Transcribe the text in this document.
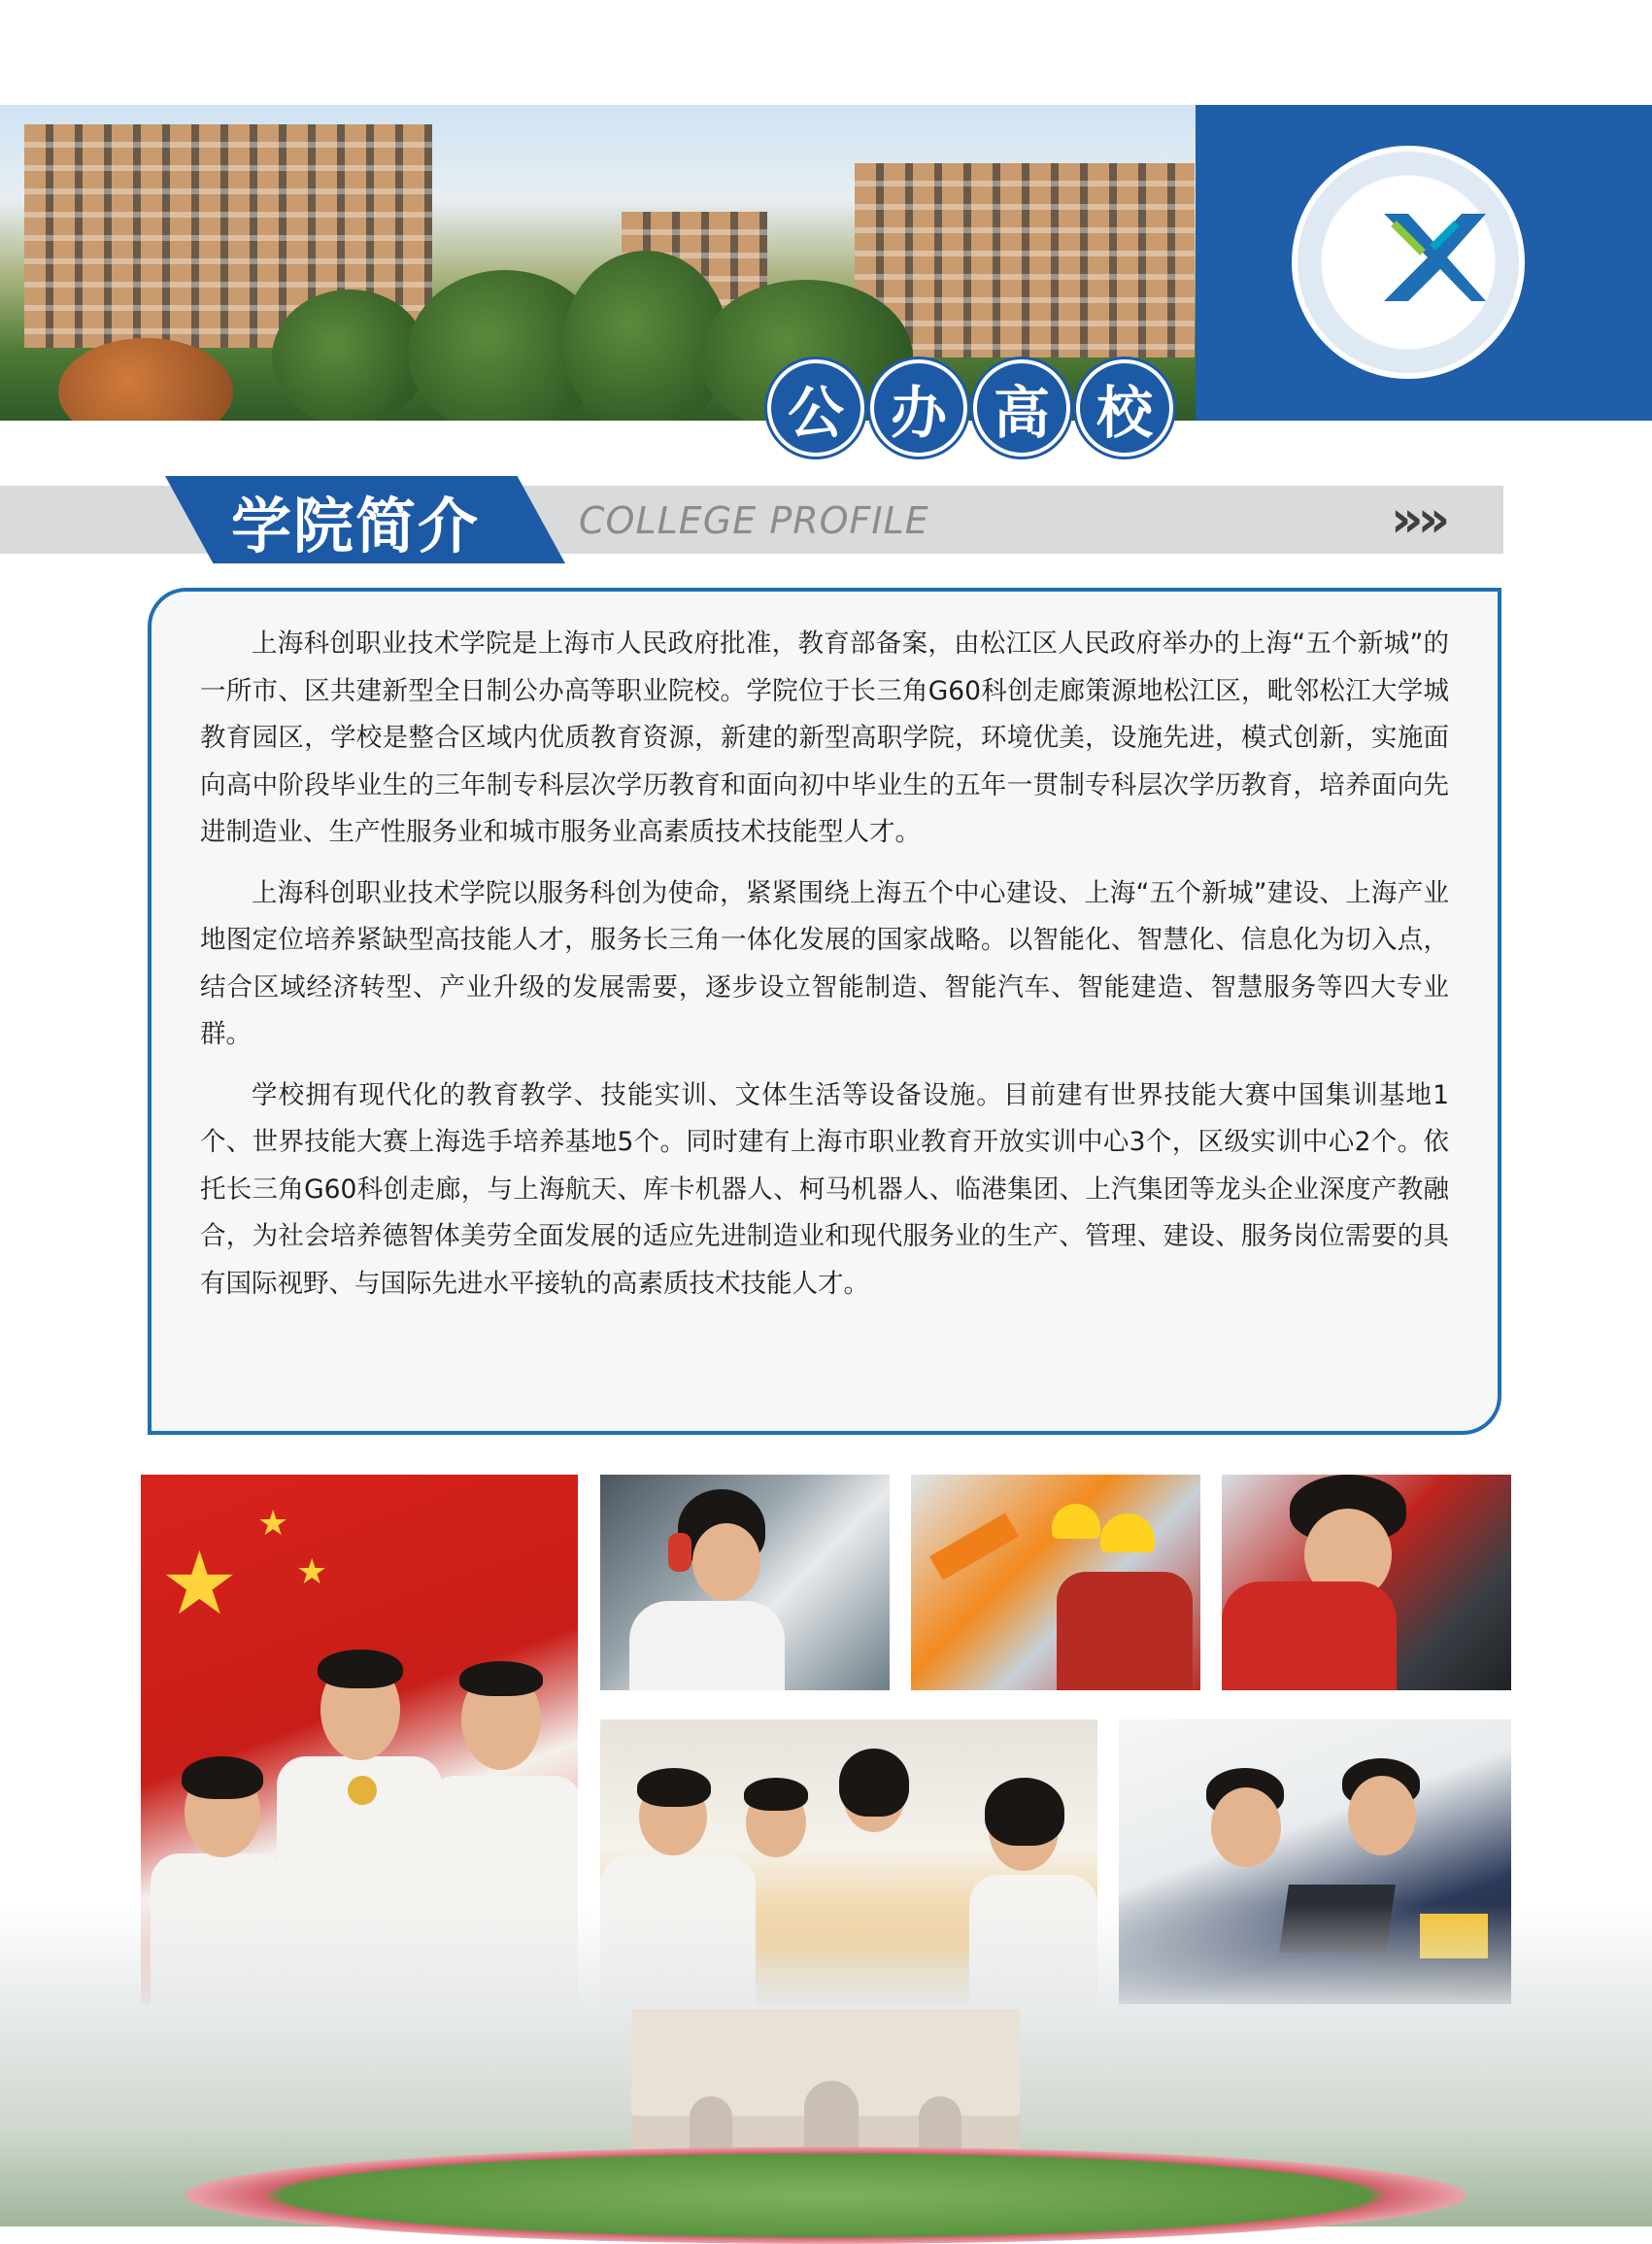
公 办 高 校
学院简介	COLLEGE PROFILE	»»

上海科创职业技术学院是上海市人民政府批准，教育部备案，由松江区人民政府举办的上海“五个新城”的一所市、区共建新型全日制公办高等职业院校。学院位于长三角G60科创走廊策源地松江区，毗邻松江大学城教育园区，学校是整合区域内优质教育资源，新建的新型高职学院，环境优美，设施先进，模式创新，实施面向高中阶段毕业生的三年制专科层次学历教育和面向初中毕业生的五年一贯制专科层次学历教育，培养面向先进制造业、生产性服务业和城市服务业高素质技术技能型人才。

上海科创职业技术学院以服务科创为使命，紧紧围绕上海五个中心建设、上海“五个新城”建设、上海产业地图定位培养紧缺型高技能人才，服务长三角一体化发展的国家战略。以智能化、智慧化、信息化为切入点，结合区域经济转型、产业升级的发展需要，逐步设立智能制造、智能汽车、智能建造、智慧服务等四大专业群。

学校拥有现代化的教育教学、技能实训、文体生活等设备设施。目前建有世界技能大赛中国集训基地1个、世界技能大赛上海选手培养基地5个。同时建有上海市职业教育开放实训中心3个，区级实训中心2个。依托长三角G60科创走廊，与上海航天、库卡机器人、柯马机器人、临港集团、上汽集团等龙头企业深度产教融合，为社会培养德智体美劳全面发展的适应先进制造业和现代服务业的生产、管理、建设、服务岗位需要的具有国际视野、与国际先进水平接轨的高素质技术技能人才。

★
★
★
